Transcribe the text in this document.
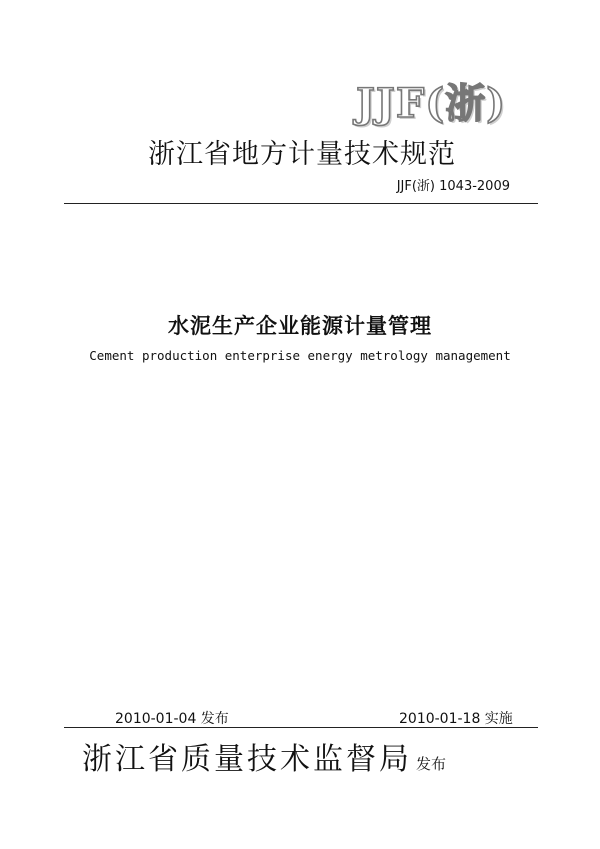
JJF(浙)
浙江省地方计量技术规范
JJF(浙) 1043-2009
水泥生产企业能源计量管理
Cement production enterprise energy metrology management
2010-01-04 发布	2010-01-18 实施
浙江省质量技术监督局 发布
